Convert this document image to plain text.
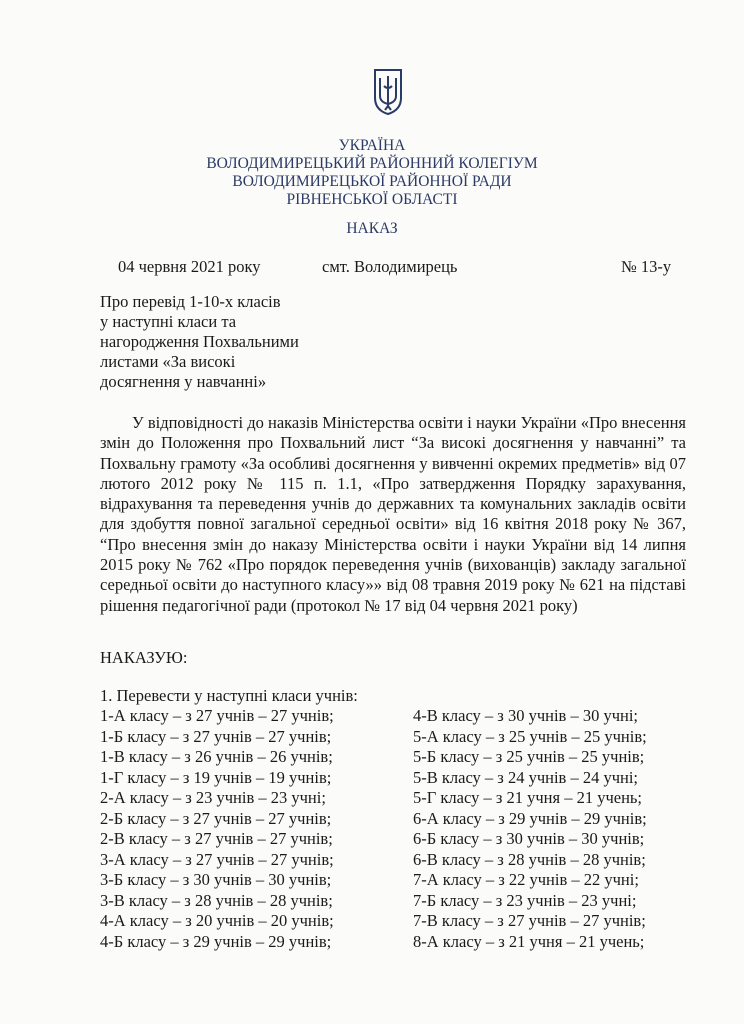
УКРАЇНА
ВОЛОДИМИРЕЦЬКИЙ РАЙОННИЙ КОЛЕГІУМ
ВОЛОДИМИРЕЦЬКОЇ РАЙОННОЇ РАДИ
РІВНЕНСЬКОЇ ОБЛАСТІ
НАКАЗ
04 червня 2021 року	смт. Володимирець	№ 13-у
Про перевід 1-10-х класів
у наступні класи та
нагородження Похвальними
листами «За високі
досягнення у навчанні»
У відповідності до наказів Міністерства освіти і науки України «Про внесення змін до Положення про Похвальний лист “За високі досягнення у навчанні” та Похвальну грамоту «За особливі досягнення у вивченні окремих предметів» від 07 лютого 2012 року № 115 п. 1.1, «Про затвердження Порядку зарахування, відрахування та переведення учнів до державних та комунальних закладів освіти для здобуття повної загальної середньої освіти» від 16 квітня 2018 року № 367, “Про внесення змін до наказу Міністерства освіти і науки України від 14 липня 2015 року № 762 «Про порядок переведення учнів (вихованців) закладу загальної середньої освіти до наступного класу»» від 08 травня 2019 року № 621 на підставі рішення педагогічної ради (протокол № 17 від 04 червня 2021 року)
НАКАЗУЮ:
1. Перевести у наступні класи учнів:
1-А класу – з 27 учнів – 27 учнів;
1-Б класу – з 27 учнів – 27 учнів;
1-В класу – з 26 учнів – 26 учнів;
1-Г класу – з 19 учнів – 19 учнів;
2-А класу – з 23 учнів – 23 учні;
2-Б класу – з 27 учнів – 27 учнів;
2-В класу – з 27 учнів – 27 учнів;
3-А класу – з 27 учнів – 27 учнів;
3-Б класу – з 30 учнів – 30 учнів;
3-В класу – з 28 учнів – 28 учнів;
4-А класу – з 20 учнів – 20 учнів;
4-Б класу – з 29 учнів – 29 учнів;
4-В класу – з 30 учнів – 30 учні;
5-А класу – з 25 учнів – 25 учнів;
5-Б класу – з 25 учнів – 25 учнів;
5-В класу – з 24 учнів – 24 учні;
5-Г класу – з 21 учня – 21 учень;
6-А класу – з 29 учнів – 29 учнів;
6-Б класу – з 30 учнів – 30 учнів;
6-В класу – з 28 учнів – 28 учнів;
7-А класу – з 22 учнів – 22 учні;
7-Б класу – з 23 учнів – 23 учні;
7-В класу – з 27 учнів – 27 учнів;
8-А класу – з 21 учня – 21 учень;
